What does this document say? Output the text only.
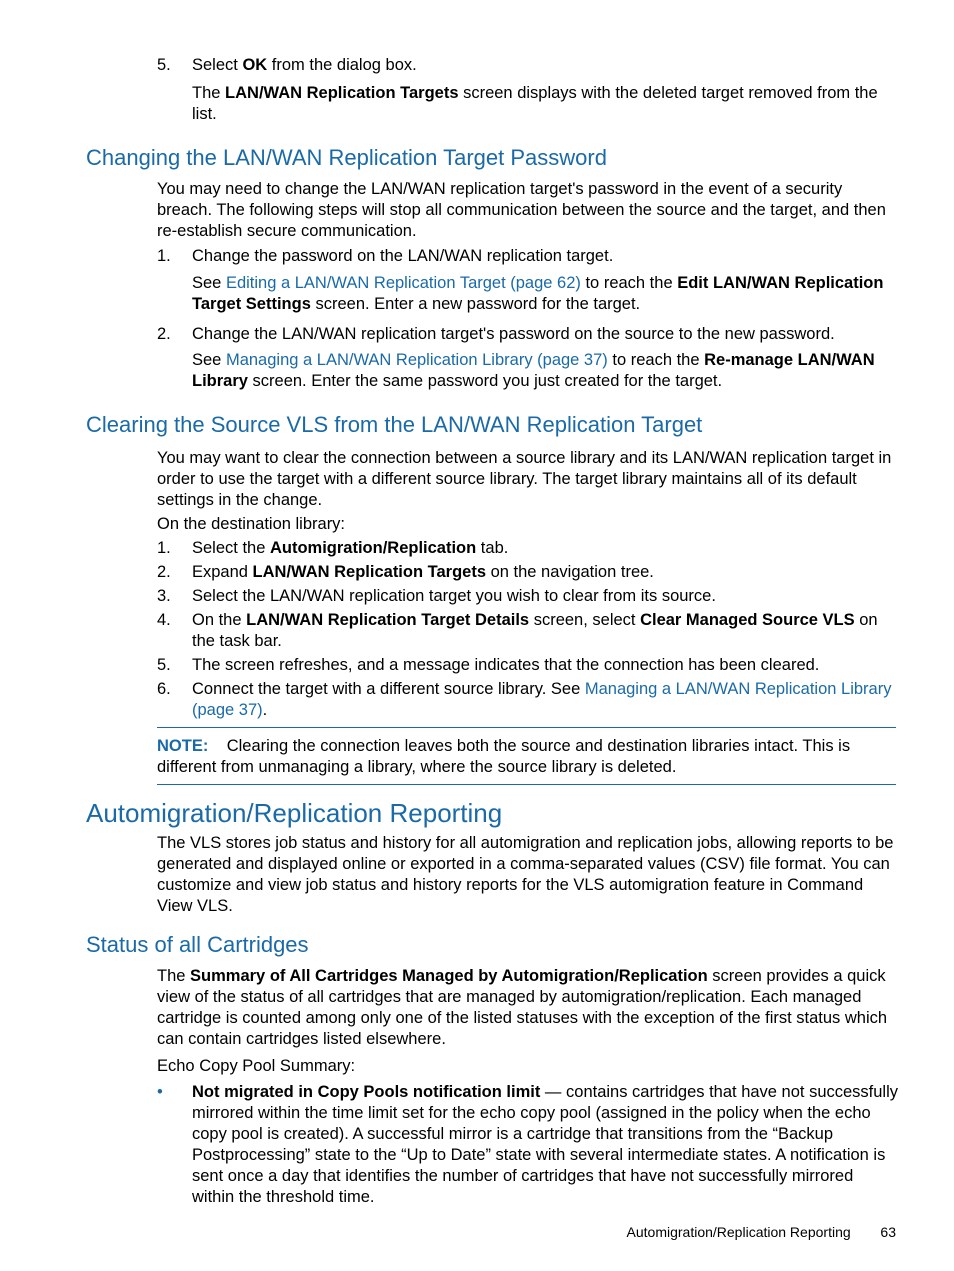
5. Select OK from the dialog box.
The LAN/WAN Replication Targets screen displays with the deleted target removed from the list.
Changing the LAN/WAN Replication Target Password
You may need to change the LAN/WAN replication target's password in the event of a security breach. The following steps will stop all communication between the source and the target, and then re-establish secure communication.
1. Change the password on the LAN/WAN replication target.
See Editing a LAN/WAN Replication Target (page 62) to reach the Edit LAN/WAN Replication Target Settings screen. Enter a new password for the target.
2. Change the LAN/WAN replication target's password on the source to the new password.
See Managing a LAN/WAN Replication Library (page 37) to reach the Re-manage LAN/WAN Library screen. Enter the same password you just created for the target.
Clearing the Source VLS from the LAN/WAN Replication Target
You may want to clear the connection between a source library and its LAN/WAN replication target in order to use the target with a different source library. The target library maintains all of its default settings in the change.
On the destination library:
1. Select the Automigration/Replication tab.
2. Expand LAN/WAN Replication Targets on the navigation tree.
3. Select the LAN/WAN replication target you wish to clear from its source.
4. On the LAN/WAN Replication Target Details screen, select Clear Managed Source VLS on the task bar.
5. The screen refreshes, and a message indicates that the connection has been cleared.
6. Connect the target with a different source library. See Managing a LAN/WAN Replication Library (page 37).
NOTE: Clearing the connection leaves both the source and destination libraries intact. This is different from unmanaging a library, where the source library is deleted.
Automigration/Replication Reporting
The VLS stores job status and history for all automigration and replication jobs, allowing reports to be generated and displayed online or exported in a comma-separated values (CSV) file format. You can customize and view job status and history reports for the VLS automigration feature in Command View VLS.
Status of all Cartridges
The Summary of All Cartridges Managed by Automigration/Replication screen provides a quick view of the status of all cartridges that are managed by automigration/replication. Each managed cartridge is counted among only one of the listed statuses with the exception of the first status which can contain cartridges listed elsewhere.
Echo Copy Pool Summary:
• Not migrated in Copy Pools notification limit — contains cartridges that have not successfully mirrored within the time limit set for the echo copy pool (assigned in the policy when the echo copy pool is created). A successful mirror is a cartridge that transitions from the “Backup Postprocessing” state to the “Up to Date” state with several intermediate states. A notification is sent once a day that identifies the number of cartridges that have not successfully mirrored within the threshold time.
Automigration/Replication Reporting 63
